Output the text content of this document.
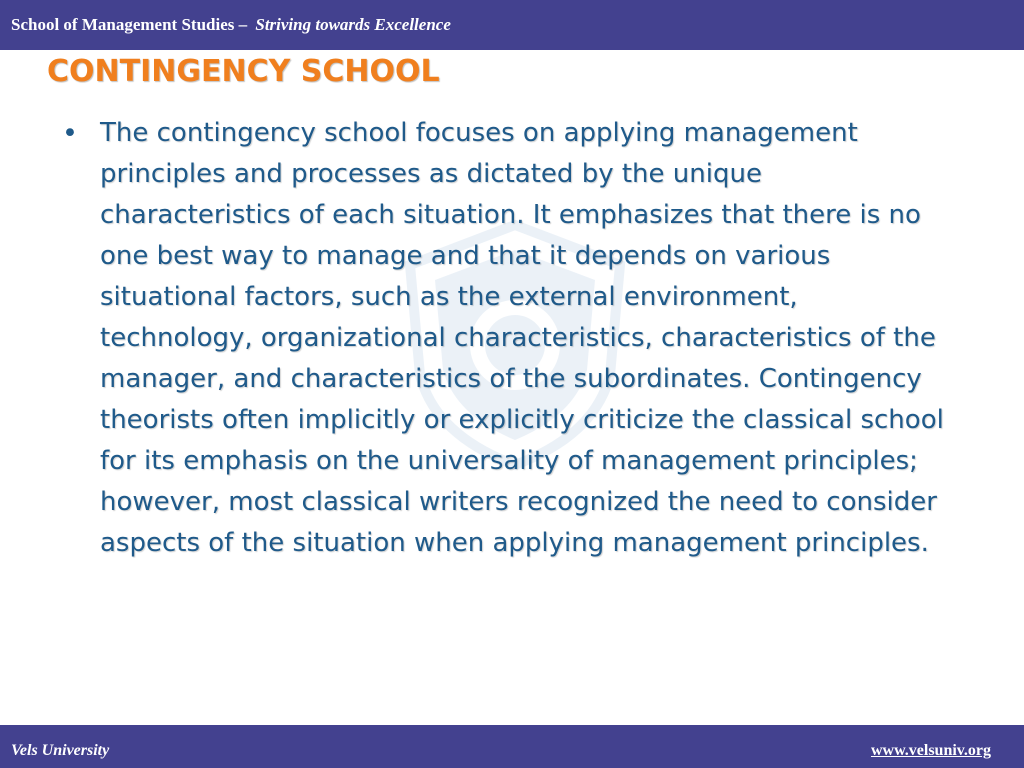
School of Management Studies – Striving towards Excellence
CONTINGENCY SCHOOL
• The contingency school focuses on applying management principles and processes as dictated by the unique characteristics of each situation. It emphasizes that there is no one best way to manage and that it depends on various situational factors, such as the external environment, technology, organizational characteristics, characteristics of the manager, and characteristics of the subordinates. Contingency theorists often implicitly or explicitly criticize the classical school for its emphasis on the universality of management principles; however, most classical writers recognized the need to consider aspects of the situation when applying management principles.

Vels University	www.velsuniv.org
